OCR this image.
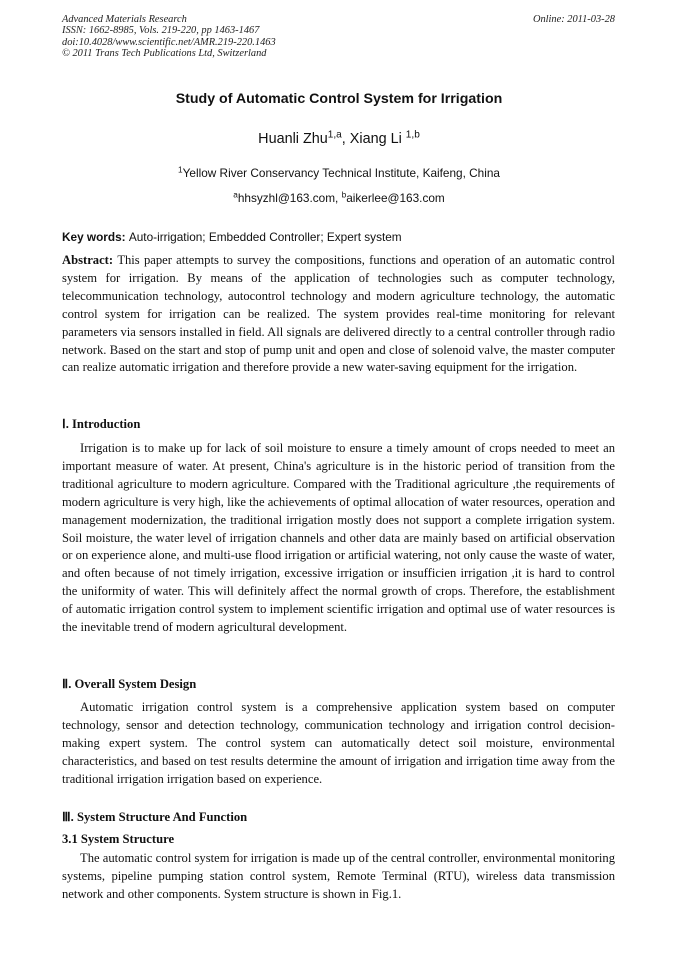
Advanced Materials Research
ISSN: 1662-8985, Vols. 219-220, pp 1463-1467
doi:10.4028/www.scientific.net/AMR.219-220.1463
© 2011 Trans Tech Publications Ltd, Switzerland
Online: 2011-03-28
Study of Automatic Control System for Irrigation
Huanli Zhu$^{1,a}$, Xiang Li $^{1,b}$
$^1$Yellow River Conservancy Technical Institute, Kaifeng, China
$^a$hhsyzhl@163.com, $^b$aikerlee@163.com
Key words: Auto-irrigation; Embedded Controller; Expert system
Abstract: This paper attempts to survey the compositions, functions and operation of an automatic control system for irrigation. By means of the application of technologies such as computer technology, telecommunication technology, autocontrol technology and modern agriculture technology, the automatic control system for irrigation can be realized. The system provides real-time monitoring for relevant parameters via sensors installed in field. All signals are delivered directly to a central controller through radio network. Based on the start and stop of pump unit and open and close of solenoid valve, the master computer can realize automatic irrigation and therefore provide a new water-saving equipment for the irrigation.
Ⅰ. Introduction
Irrigation is to make up for lack of soil moisture to ensure a timely amount of crops needed to meet an important measure of water. At present, China's agriculture is in the historic period of transition from the traditional agriculture to modern agriculture. Compared with the Traditional agriculture ,the requirements of modern agriculture is very high, like the achievements of optimal allocation of water resources, operation and management modernization, the traditional irrigation mostly does not support a complete irrigation system. Soil moisture, the water level of irrigation channels and other data are mainly based on artificial observation or on experience alone, and multi-use flood irrigation or artificial watering, not only cause the waste of water, and often because of not timely irrigation, excessive irrigation or insufficien irrigation ,it is hard to control the uniformity of water. This will definitely affect the normal growth of crops. Therefore, the establishment of automatic irrigation control system to implement scientific irrigation and optimal use of water resources is the inevitable trend of modern agricultural development.
Ⅱ. Overall System Design
Automatic irrigation control system is a comprehensive application system based on computer technology, sensor and detection technology, communication technology and irrigation control decision-making expert system. The control system can automatically detect soil moisture, environmental characteristics, and based on test results determine the amount of irrigation and irrigation time away from the traditional irrigation irrigation based on experience.
Ⅲ. System Structure And Function
3.1 System Structure
The automatic control system for irrigation is made up of the central controller, environmental monitoring systems, pipeline pumping station control system, Remote Terminal (RTU), wireless data transmission network and other components. System structure is shown in Fig.1.
